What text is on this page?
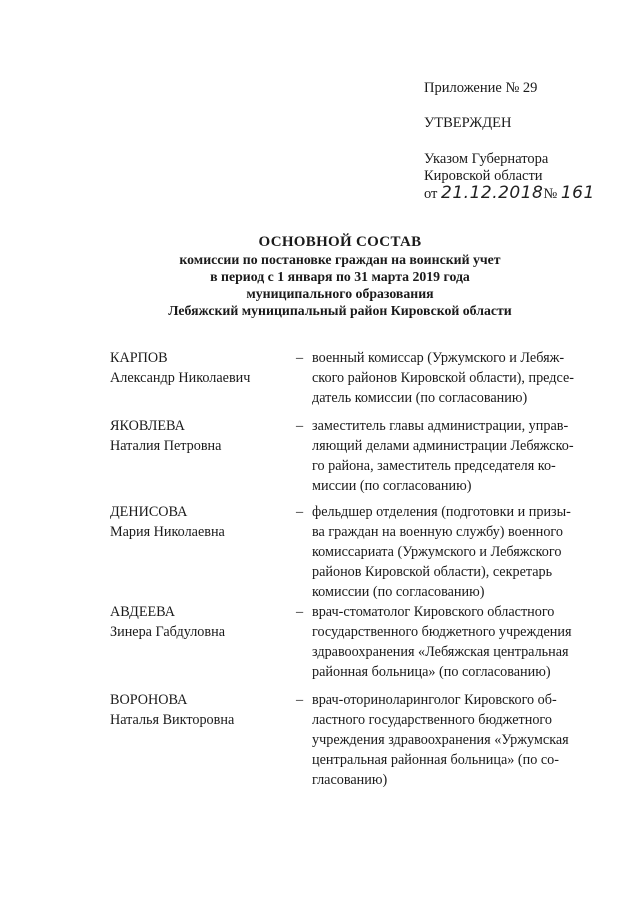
Приложение № 29
УТВЕРЖДЕН
Указом Губернатора
Кировской области
от 21.12.2018№ 161
ОСНОВНОЙ СОСТАВ
комиссии по постановке граждан на воинский учет
в период с 1 января по 31 марта 2019 года
муниципального образования
Лебяжский муниципальный район Кировской области
КАРПОВ
Александр Николаевич
– военный комиссар (Уржумского и Лебяж-
ского районов Кировской области), предсе-
датель комиссии (по согласованию)
ЯКОВЛЕВА
Наталия Петровна
– заместитель главы администрации, управ-
ляющий делами администрации Лебяжско-
го района, заместитель председателя ко-
миссии (по согласованию)
ДЕНИСОВА
Мария Николаевна
– фельдшер отделения (подготовки и призы-
ва граждан на военную службу) военного
комиссариата (Уржумского и Лебяжского
районов Кировской области), секретарь
комиссии (по согласованию)
АВДЕЕВА
Зинера Габдуловна
– врач-стоматолог Кировского областного
государственного бюджетного учреждения
здравоохранения «Лебяжская центральная
районная больница» (по согласованию)
ВОРОНОВА
Наталья Викторовна
– врач-оториноларинголог Кировского об-
ластного государственного бюджетного
учреждения здравоохранения «Уржумская
центральная районная больница» (по со-
гласованию)
